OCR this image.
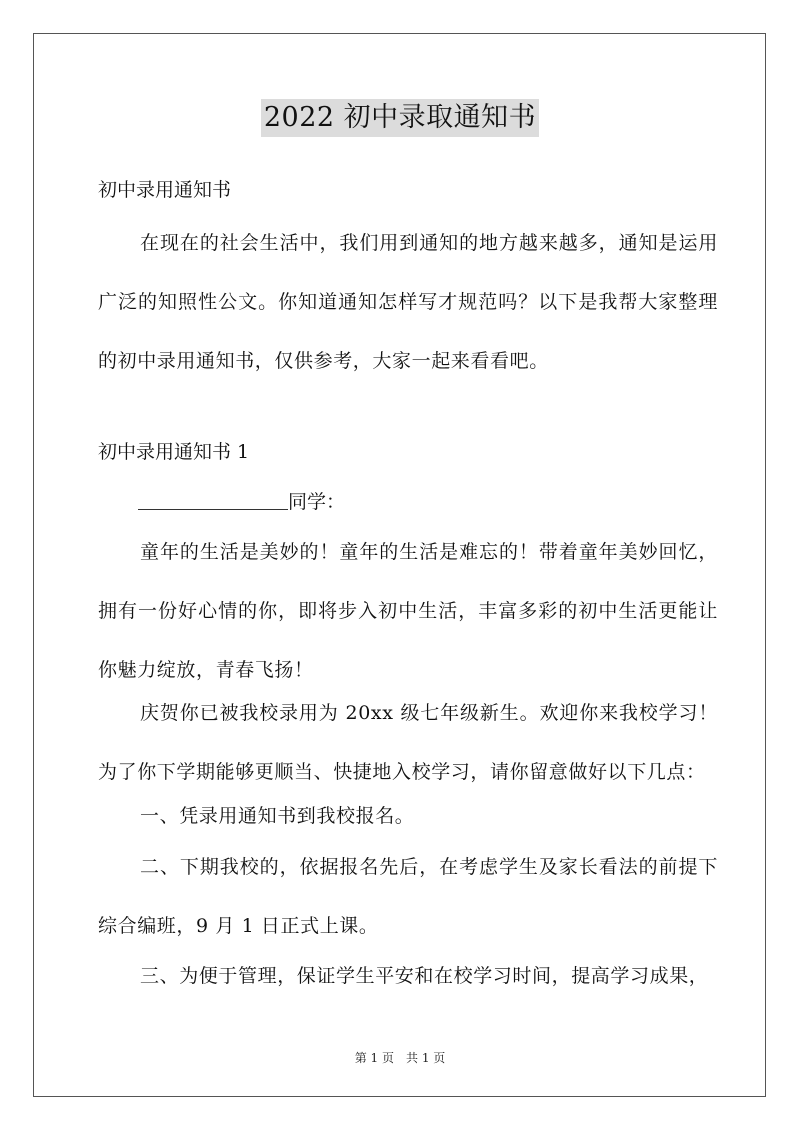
2022 初中录取通知书
初中录用通知书
在现在的社会生活中，我们用到通知的地方越来越多，通知是运用广泛的知照性公文。你知道通知怎样写才规范吗？以下是我帮大家整理的初中录用通知书，仅供参考，大家一起来看看吧。
初中录用通知书 1
同学：
童年的生活是美妙的！童年的生活是难忘的！带着童年美妙回忆，拥有一份好心情的你，即将步入初中生活，丰富多彩的初中生活更能让你魅力绽放，青春飞扬！
庆贺你已被我校录用为 20xx 级七年级新生。欢迎你来我校学习！为了你下学期能够更顺当、快捷地入校学习，请你留意做好以下几点：
一、凭录用通知书到我校报名。
二、下期我校的，依据报名先后，在考虑学生及家长看法的前提下综合编班，9 月 1 日正式上课。
三、为便于管理，保证学生平安和在校学习时间，提高学习成果，
第 1 页　共 1 页
